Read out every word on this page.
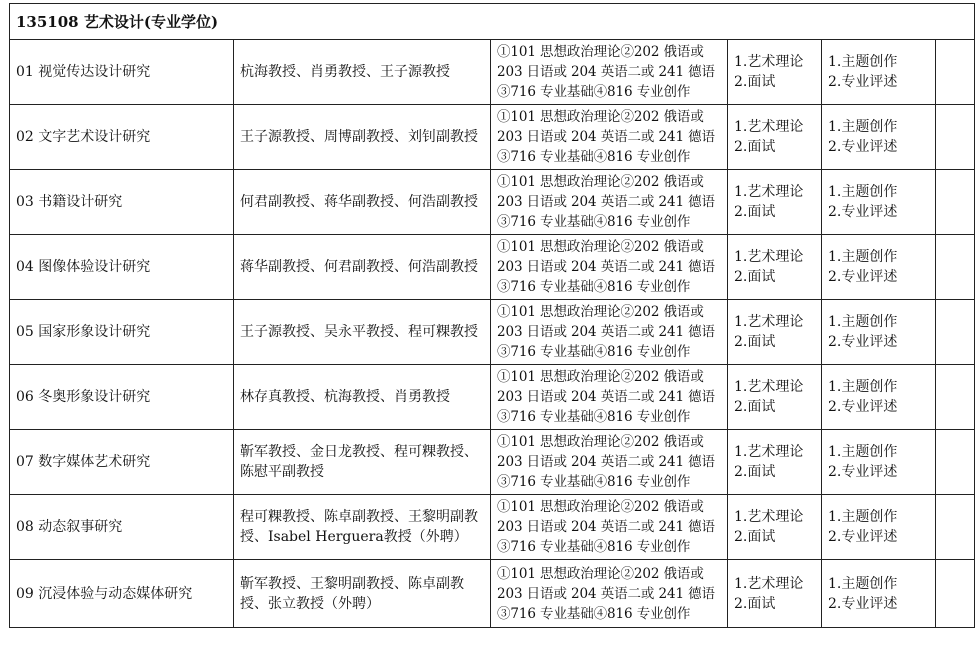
135108 艺术设计(专业学位)					
01 视觉传达设计研究	杭海教授、肖勇教授、王子源教授	①101 思想政治理论②202 俄语或
203 日语或 204 英语二或 241 德语
③716 专业基础④816 专业创作	1.艺术理论
2.面试	1.主题创作
2.专业评述	

02 文字艺术设计研究	王子源教授、周博副教授、刘钊副教授	①101 思想政治理论②202 俄语或
203 日语或 204 英语二或 241 德语
③716 专业基础④816 专业创作	1.艺术理论
2.面试	1.主题创作
2.专业评述	

03 书籍设计研究	何君副教授、蒋华副教授、何浩副教授	①101 思想政治理论②202 俄语或
203 日语或 204 英语二或 241 德语
③716 专业基础④816 专业创作	1.艺术理论
2.面试	1.主题创作
2.专业评述	

04 图像体验设计研究	蒋华副教授、何君副教授、何浩副教授	①101 思想政治理论②202 俄语或
203 日语或 204 英语二或 241 德语
③716 专业基础④816 专业创作	1.艺术理论
2.面试	1.主题创作
2.专业评述	

05 国家形象设计研究	王子源教授、吴永平教授、程可粿教授	①101 思想政治理论②202 俄语或
203 日语或 204 英语二或 241 德语
③716 专业基础④816 专业创作	1.艺术理论
2.面试	1.主题创作
2.专业评述	

06 冬奥形象设计研究	林存真教授、杭海教授、肖勇教授	①101 思想政治理论②202 俄语或
203 日语或 204 英语二或 241 德语
③716 专业基础④816 专业创作	1.艺术理论
2.面试	1.主题创作
2.专业评述	

07 数字媒体艺术研究	靳军教授、金日龙教授、程可粿教授、陈慰平副教授	①101 思想政治理论②202 俄语或
203 日语或 204 英语二或 241 德语
③716 专业基础④816 专业创作	1.艺术理论
2.面试	1.主题创作
2.专业评述	

08 动态叙事研究	程可粿教授、陈卓副教授、王黎明副教授、Isabel Herguera教授（外聘）	①101 思想政治理论②202 俄语或
203 日语或 204 英语二或 241 德语
③716 专业基础④816 专业创作	1.艺术理论
2.面试	1.主题创作
2.专业评述	

09 沉浸体验与动态媒体研究	靳军教授、王黎明副教授、陈卓副教授、张立教授（外聘）	①101 思想政治理论②202 俄语或
203 日语或 204 英语二或 241 德语
③716 专业基础④816 专业创作	1.艺术理论
2.面试	1.主题创作
2.专业评述	
